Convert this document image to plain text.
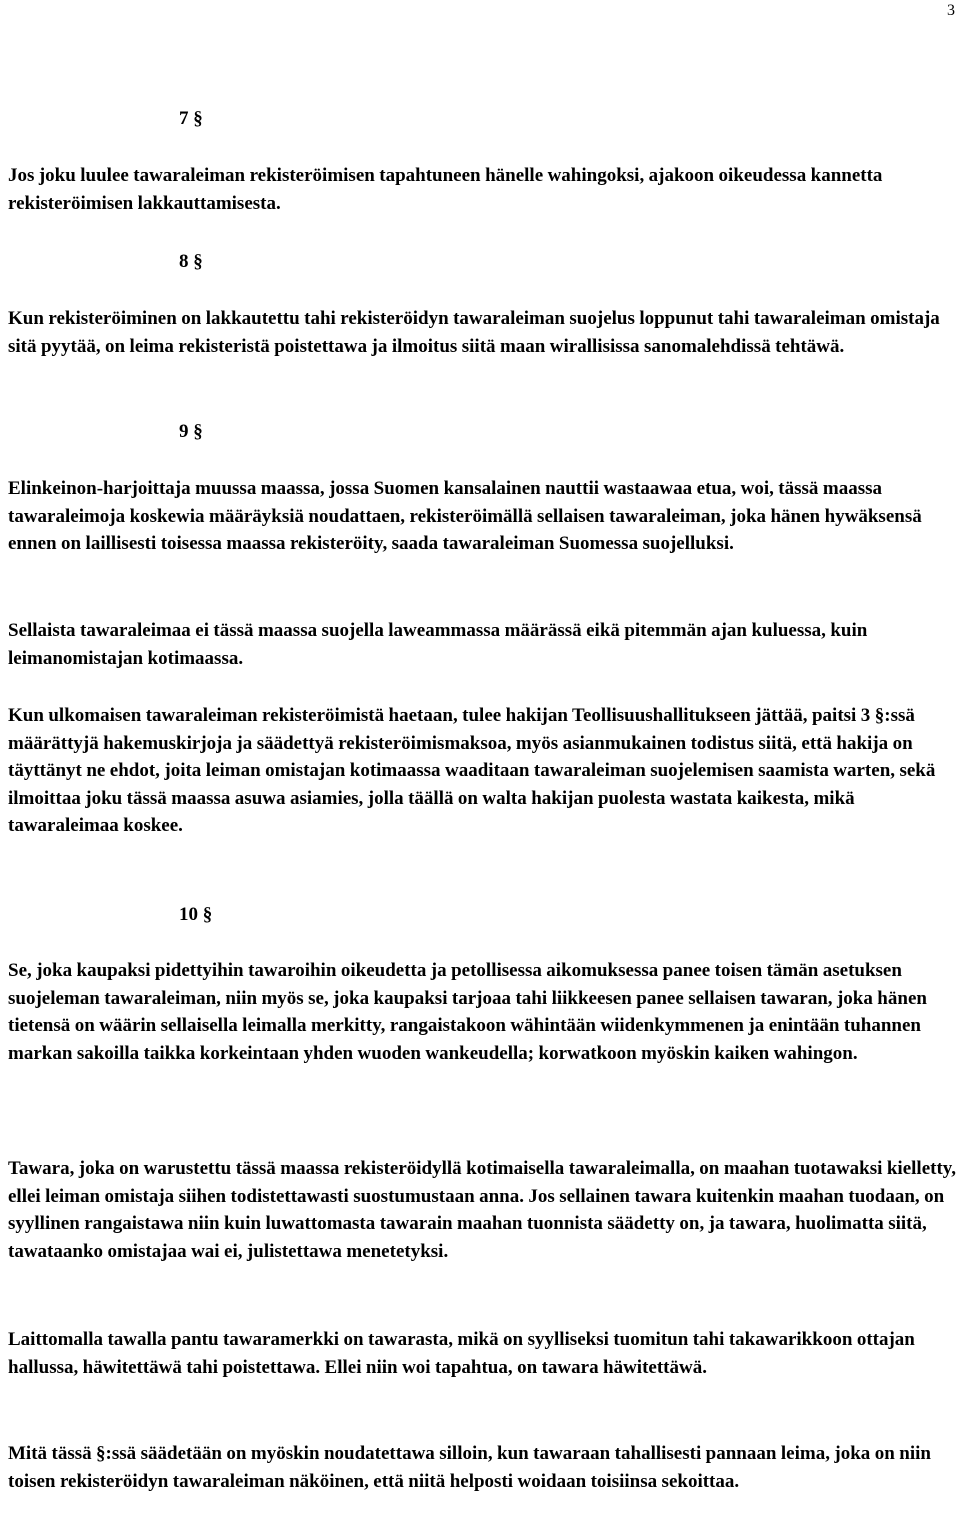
3
7 §

Jos joku luulee tawaraleiman rekisteröimisen tapahtuneen hänelle wahingoksi, ajakoon oikeudessa kannetta rekisteröimisen lakkauttamisesta.

8 §

Kun rekisteröiminen on lakkautettu tahi rekisteröidyn tawaraleiman suojelus loppunut tahi tawaraleiman omistaja sitä pyytää, on leima rekisteristä poistettawa ja ilmoitus siitä maan wirallisissa sanomalehdissä tehtäwä.

9 §

Elinkeinon-harjoittaja muussa maassa, jossa Suomen kansalainen nauttii wastaawaa etua, woi, tässä maassa tawaraleimoja koskewia määräyksiä noudattaen, rekisteröimällä sellaisen tawaraleiman, joka hänen hywäksensä ennen on laillisesti toisessa maassa rekisteröity, saada tawaraleiman Suomessa suojelluksi.

Sellaista tawaraleimaa ei tässä maassa suojella laweammassa määrässä eikä pitemmän ajan kuluessa, kuin leimanomistajan kotimaassa.

Kun ulkomaisen tawaraleiman rekisteröimistä haetaan, tulee hakijan Teollisuushallitukseen jättää, paitsi 3 §:ssä määrättyjä hakemuskirjoja ja säädettyä rekisteröimismaksoa, myös asianmukainen todistus siitä, että hakija on täyttänyt ne ehdot, joita leiman omistajan kotimaassa waaditaan tawaraleiman suojelemisen saamista warten, sekä ilmoittaa joku tässä maassa asuwa asiamies, jolla täällä on walta hakijan puolesta wastata kaikesta, mikä tawaraleimaa koskee.

10 §

Se, joka kaupaksi pidettyihin tawaroihin oikeudetta ja petollisessa aikomuksessa panee toisen tämän asetuksen suojeleman tawaraleiman, niin myös se, joka kaupaksi tarjoaa tahi liikkeesen panee sellaisen tawaran, joka hänen tietensä on wäärin sellaisella leimalla merkitty, rangaistakoon wähintään wiidenkymmenen ja enintään tuhannen markan sakoilla taikka korkeintaan yhden wuoden wankeudella; korwatkoon myöskin kaiken wahingon.

Tawara, joka on warustettu tässä maassa rekisteröidyllä kotimaisella tawaraleimalla, on maahan tuotawaksi kielletty, ellei leiman omistaja siihen todistettawasti suostumustaan anna. Jos sellainen tawara kuitenkin maahan tuodaan, on syyllinen rangaistawa niin kuin luwattomasta tawarain maahan tuonnista säädetty on, ja tawara, huolimatta siitä, tawataanko omistajaa wai ei, julistettawa menetetyksi.

Laittomalla tawalla pantu tawaramerkki on tawarasta, mikä on syylliseksi tuomitun tahi takawarikkoon ottajan hallussa, häwitettäwä tahi poistettawa. Ellei niin woi tapahtua, on tawara häwitettäwä.

Mitä tässä §:ssä säädetään on myöskin noudatettawa silloin, kun tawaraan tahallisesti pannaan leima, joka on niin toisen rekisteröidyn tawaraleiman näköinen, että niitä helposti woidaan toisiinsa sekoittaa.
